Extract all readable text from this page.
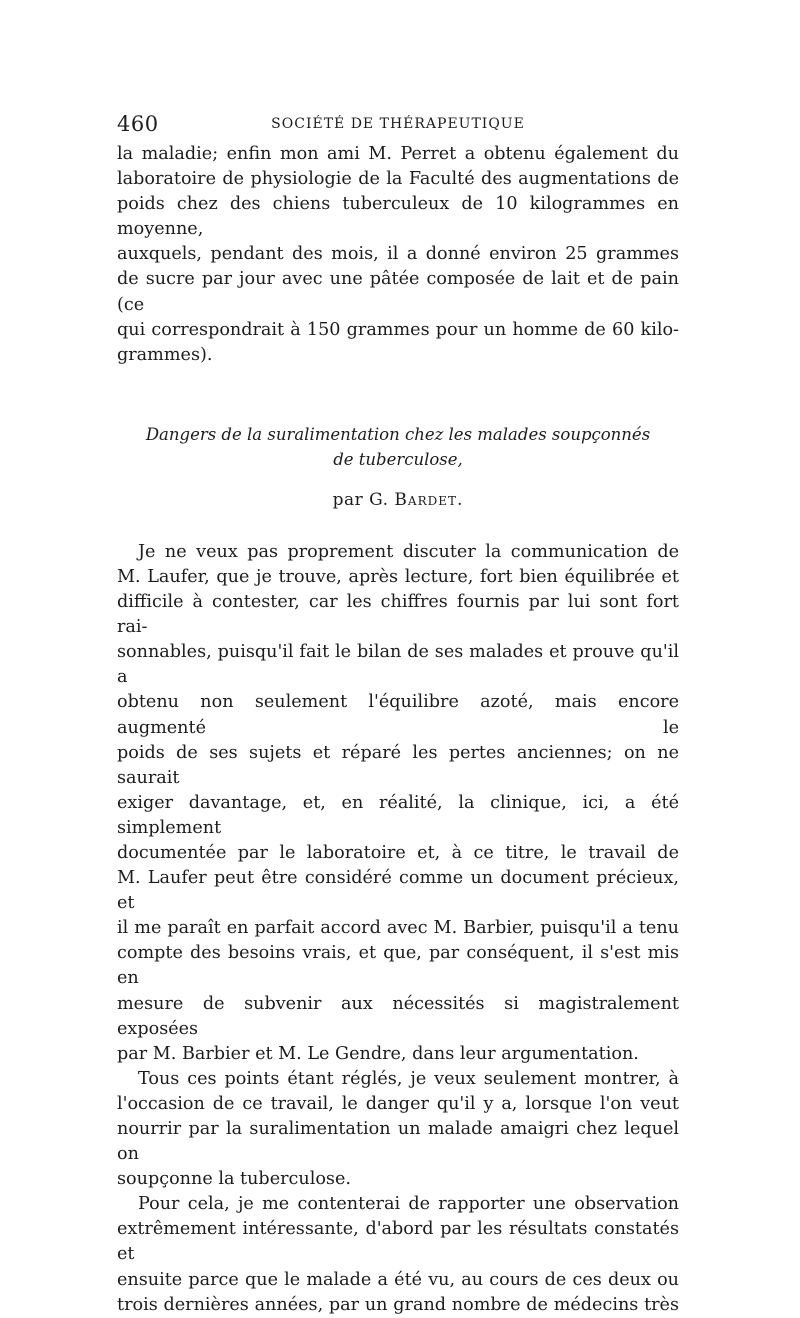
460	SOCIÉTÉ DE THÉRAPEUTIQUE

la maladie; enfin mon ami M. Perret a obtenu également du
laboratoire de physiologie de la Faculté des augmentations de
poids chez des chiens tuberculeux de 10 kilogrammes en moyenne,
auxquels, pendant des mois, il a donné environ 25 grammes
de sucre par jour avec une pâtée composée de lait et de pain (ce
qui correspondrait à 150 grammes pour un homme de 60 kilo-
grammes).

Dangers de la suralimentation chez les malades soupçonnés
de tuberculose,
par G. Bardet.

Je ne veux pas proprement discuter la communication de
M. Laufer, que je trouve, après lecture, fort bien équilibrée et
difficile à contester, car les chiffres fournis par lui sont fort rai-
sonnables, puisqu'il fait le bilan de ses malades et prouve qu'il a
obtenu non seulement l'équilibre azoté, mais encore augmenté le
poids de ses sujets et réparé les pertes anciennes; on ne saurait
exiger davantage, et, en réalité, la clinique, ici, a été simplement
documentée par le laboratoire et, à ce titre, le travail de
M. Laufer peut être considéré comme un document précieux, et
il me paraît en parfait accord avec M. Barbier, puisqu'il a tenu
compte des besoins vrais, et que, par conséquent, il s'est mis en
mesure de subvenir aux nécessités si magistralement exposées
par M. Barbier et M. Le Gendre, dans leur argumentation.

Tous ces points étant réglés, je veux seulement montrer, à
l'occasion de ce travail, le danger qu'il y a, lorsque l'on veut
nourrir par la suralimentation un malade amaigri chez lequel on
soupçonne la tuberculose.

Pour cela, je me contenterai de rapporter une observation
extrêmement intéressante, d'abord par les résultats constatés et
ensuite parce que le malade a été vu, au cours de ces deux ou
trois dernières années, par un grand nombre de médecins très
